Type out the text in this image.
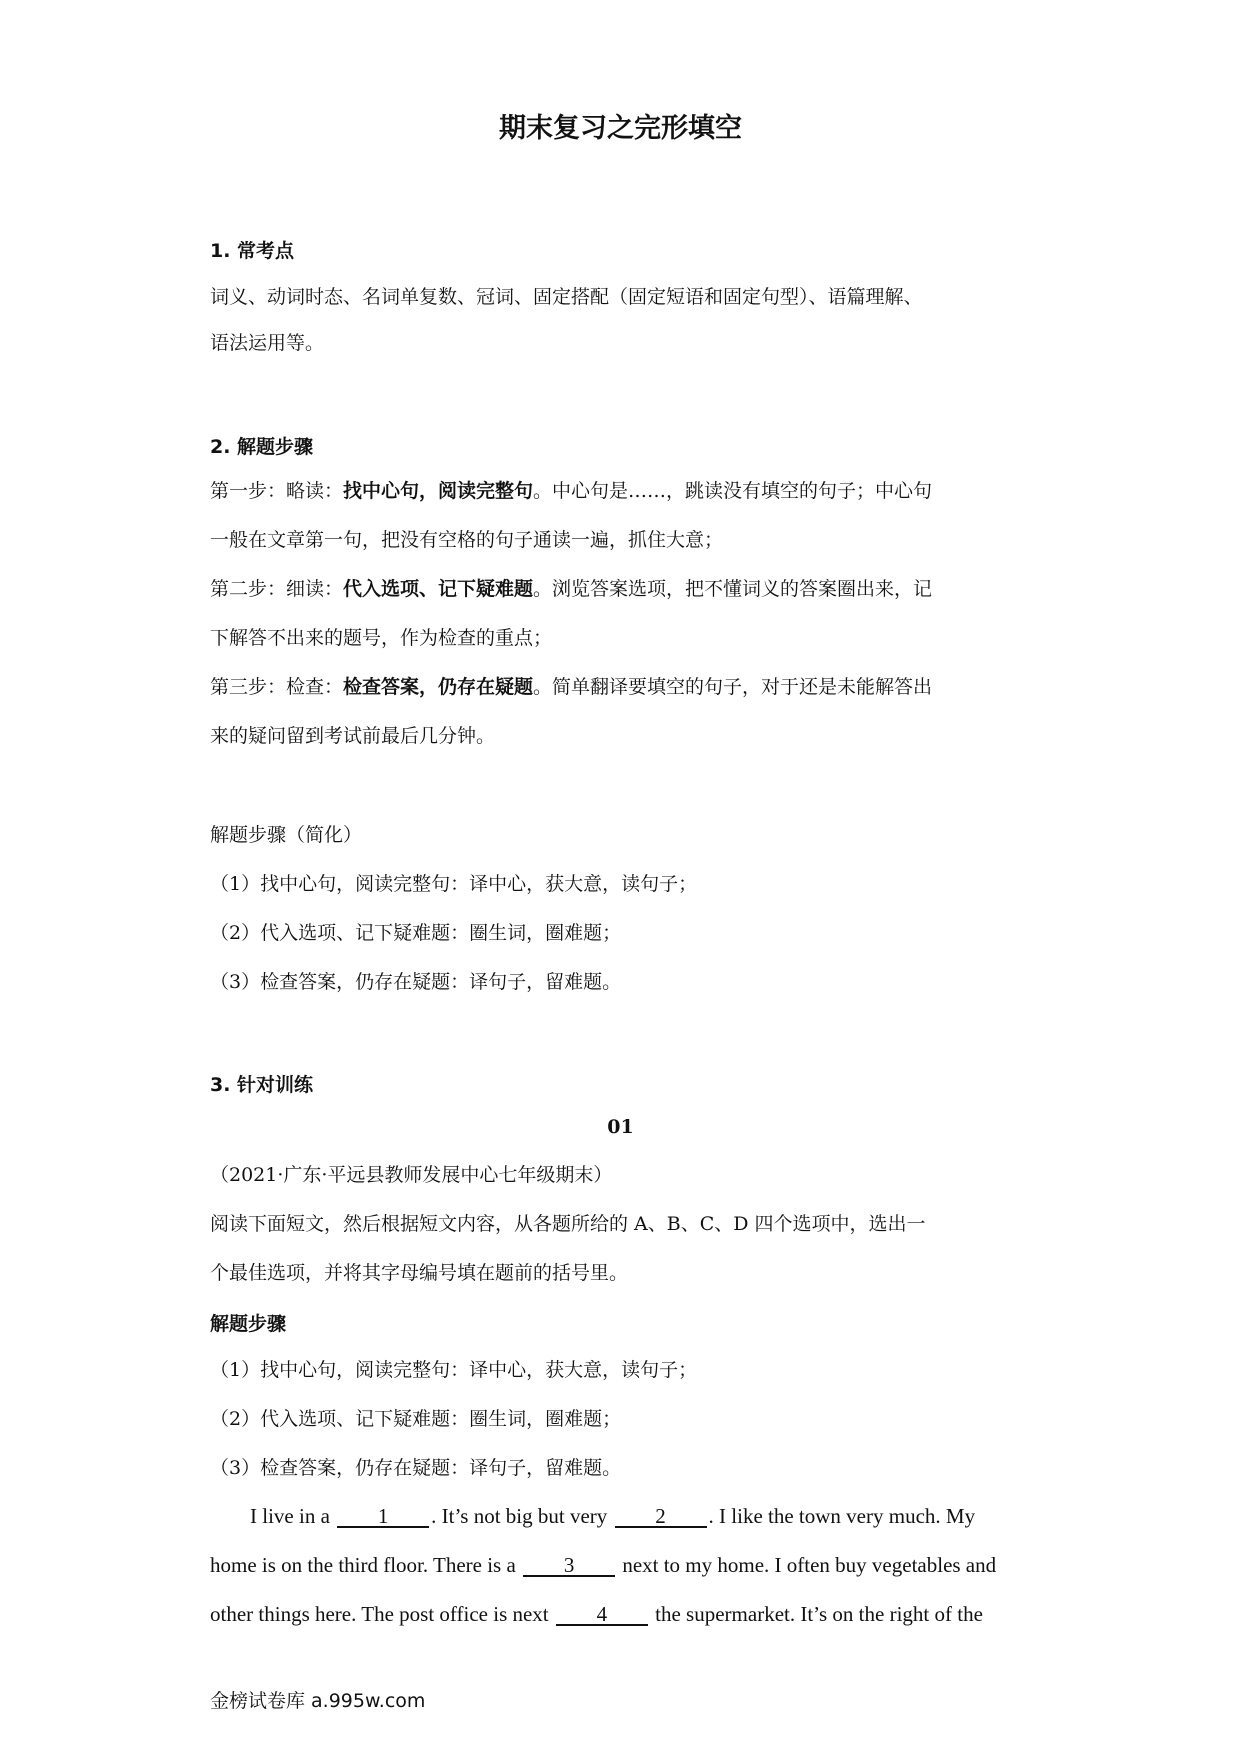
期末复习之完形填空
1. 常考点
词义、动词时态、名词单复数、冠词、固定搭配（固定短语和固定句型）、语篇理解、
语法运用等。
2. 解题步骤
第一步：略读：找中心句，阅读完整句。中心句是……，跳读没有填空的句子；中心句
一般在文章第一句，把没有空格的句子通读一遍，抓住大意；
第二步：细读：代入选项、记下疑难题。浏览答案选项，把不懂词义的答案圈出来，记
下解答不出来的题号，作为检查的重点；
第三步：检查：检查答案，仍存在疑题。简单翻译要填空的句子，对于还是未能解答出
来的疑问留到考试前最后几分钟。
解题步骤（简化）
（1）找中心句，阅读完整句：译中心，获大意，读句子；
（2）代入选项、记下疑难题：圈生词，圈难题；
（3）检查答案，仍存在疑题：译句子，留难题。
3. 针对训练
01
（2021·广东·平远县教师发展中心七年级期末）
阅读下面短文，然后根据短文内容，从各题所给的 A、B、C、D 四个选项中，选出一
个最佳选项，并将其字母编号填在题前的括号里。
解题步骤
（1）找中心句，阅读完整句：译中心，获大意，读句子；
（2）代入选项、记下疑难题：圈生词，圈难题；
（3）检查答案，仍存在疑题：译句子，留难题。
I live in a 1 . It’s not big but very 2 . I like the town very much. My
home is on the third floor. There is a 3 next to my home. I often buy vegetables and
other things here. The post office is next 4 the supermarket. It’s on the right of the
金榜试卷库 a.995w.com
